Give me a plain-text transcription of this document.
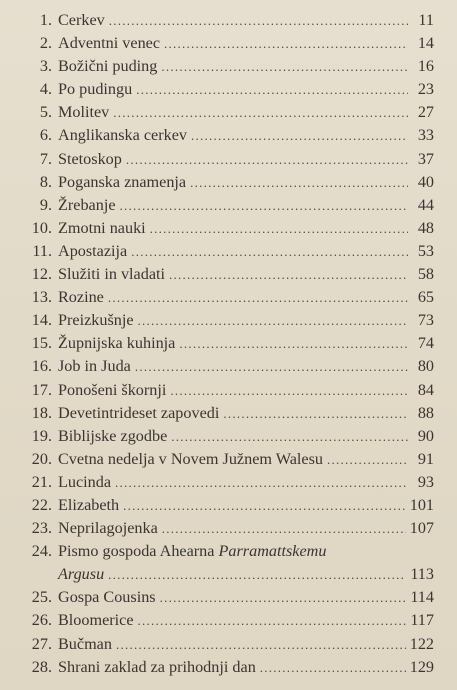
1. Cerkev . . .	11
2. Adventni venec . . .	14
3. Božični puding . . .	16
4. Po pudingu . . .	23
5. Molitev . . .	27
6. Anglikanska cerkev . . .	33
7. Stetoskop . . .	37
8. Poganska znamenja . . .	40
9. Žrebanje . . .	44
10. Zmotni nauki . . .	48
11. Apostazija . . .	53
12. Služiti in vladati . . .	58
13. Rozine . . .	65
14. Preizkušnje . . .	73
15. Župnijska kuhinja . . .	74
16. Job in Juda . . .	80
17. Ponošeni škornji . . .	84
18. Devetintrideset zapovedi . . .	88
19. Biblijske zgodbe . . .	90
20. Cvetna nedelja v Novem Južnem Walesu . . .	91
21. Lucinda . . .	93
22. Elizabeth . . .	101
23. Neprilagojenka . . .	107
24. Pismo gospoda Ahearna Parramattskemu
Argusu . . .	113
25. Gospa Cousins . . .	114
26. Bloomerice . . .	117
27. Bučman . . .	122
28. Shrani zaklad za prihodnji dan . . .	129
